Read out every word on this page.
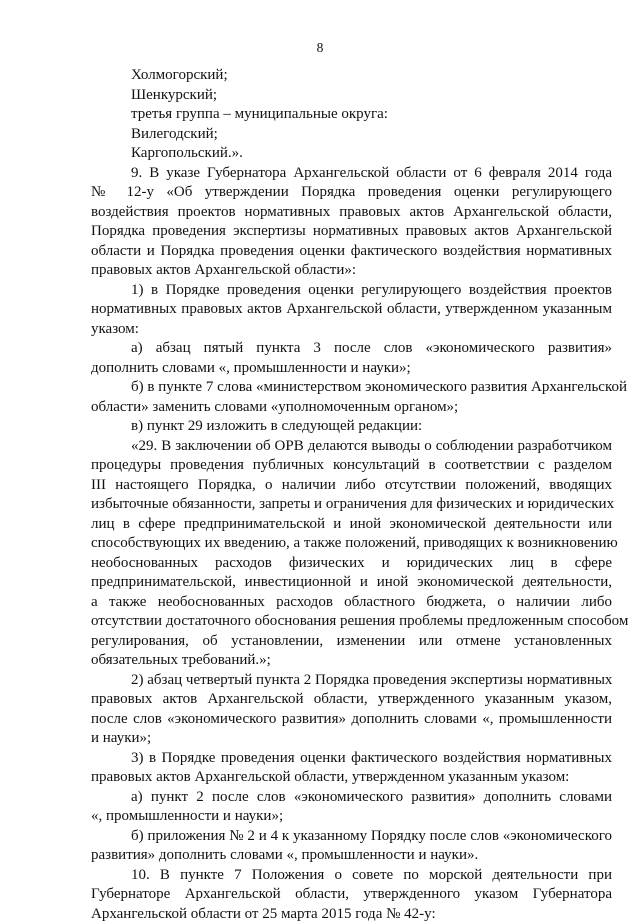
8
Холмогорский;
Шенкурский;
третья группа – муниципальные округа:
Вилегодский;
Каргопольский.».
9. В указе Губернатора Архангельской области от 6 февраля 2014 года
№ 12-у «Об утверждении Порядка проведения оценки регулирующего
воздействия проектов нормативных правовых актов Архангельской области,
Порядка проведения экспертизы нормативных правовых актов Архангельской
области и Порядка проведения оценки фактического воздействия нормативных
правовых актов Архангельской области»:
1) в Порядке проведения оценки регулирующего воздействия проектов
нормативных правовых актов Архангельской области, утвержденном указанным
указом:
а) абзац пятый пункта 3 после слов «экономического развития»
дополнить словами «, промышленности и науки»;
б) в пункте 7 слова «министерством экономического развития Архангельской
области» заменить словами «уполномоченным органом»;
в) пункт 29 изложить в следующей редакции:
«29. В заключении об ОРВ делаются выводы о соблюдении разработчиком
процедуры проведения публичных консультаций в соответствии с разделом
III настоящего Порядка, о наличии либо отсутствии положений, вводящих
избыточные обязанности, запреты и ограничения для физических и юридических
лиц в сфере предпринимательской и иной экономической деятельности или
способствующих их введению, а также положений, приводящих к возникновению
необоснованных расходов физических и юридических лиц в сфере
предпринимательской, инвестиционной и иной экономической деятельности,
а также необоснованных расходов областного бюджета, о наличии либо
отсутствии достаточного обоснования решения проблемы предложенным способом
регулирования, об установлении, изменении или отмене установленных
обязательных требований.»;
2) абзац четвертый пункта 2 Порядка проведения экспертизы нормативных
правовых актов Архангельской области, утвержденного указанным указом,
после слов «экономического развития» дополнить словами «, промышленности
и науки»;
3) в Порядке проведения оценки фактического воздействия нормативных
правовых актов Архангельской области, утвержденном указанным указом:
а) пункт 2 после слов «экономического развития» дополнить словами
«, промышленности и науки»;
б) приложения № 2 и 4 к указанному Порядку после слов «экономического
развития» дополнить словами «, промышленности и науки».
10. В пункте 7 Положения о совете по морской деятельности при
Губернаторе Архангельской области, утвержденного указом Губернатора
Архангельской области от 25 марта 2015 года № 42-у:
